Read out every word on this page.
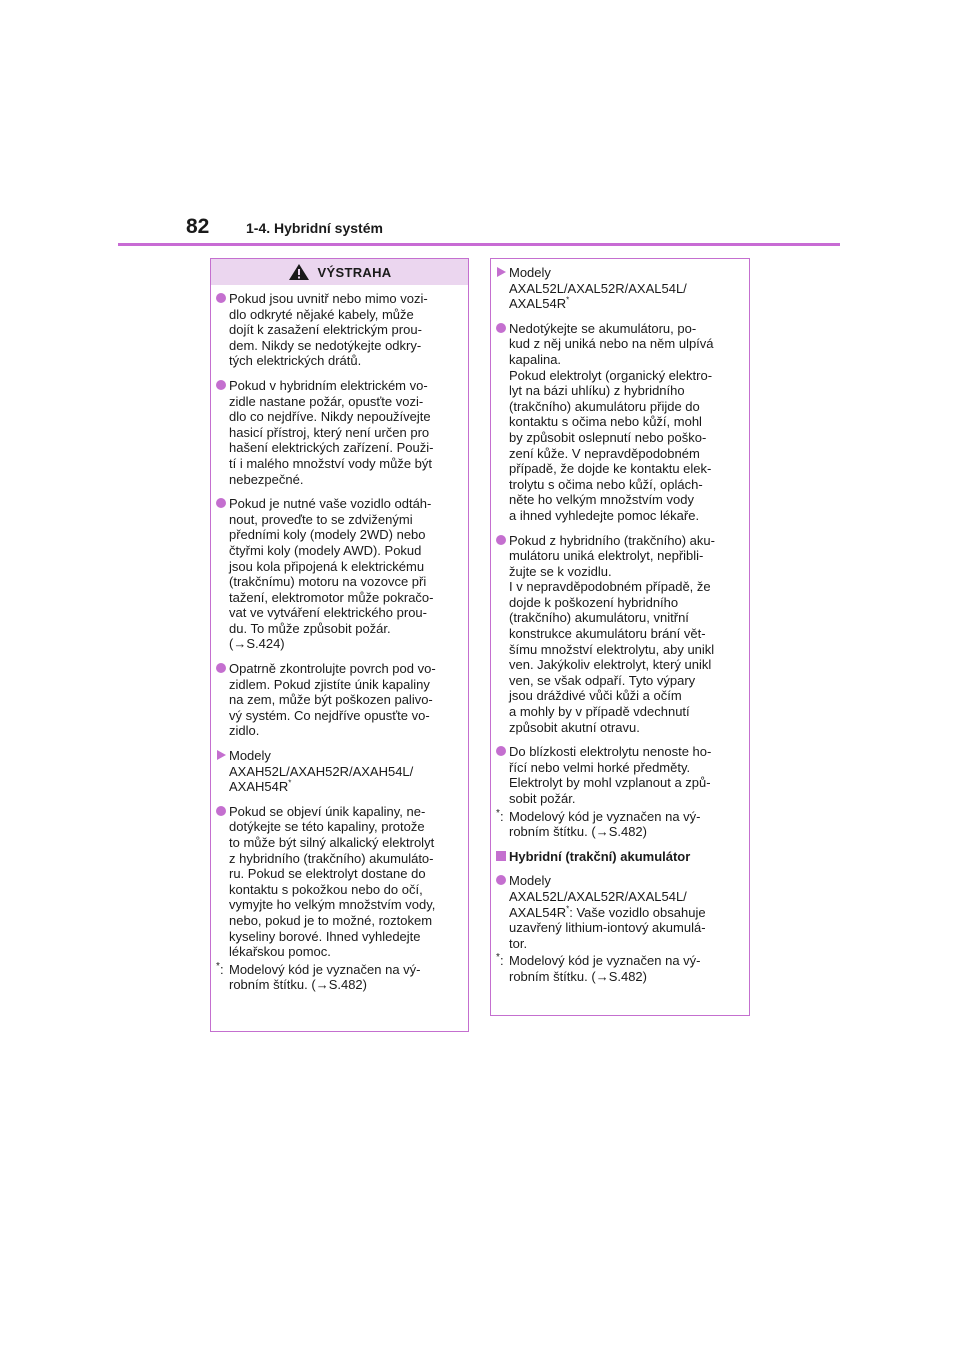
82	1-4. Hybridní systém
VÝSTRAHA
Pokud jsou uvnitř nebo mimo vozi-
dlo odkryté nějaké kabely, může
dojít k zasažení elektrickým prou-
dem. Nikdy se nedotýkejte odkry-
tých elektrických drátů.
Pokud v hybridním elektrickém vo-
zidle nastane požár, opusťte vozi-
dlo co nejdříve. Nikdy nepoužívejte
hasicí přístroj, který není určen pro
hašení elektrických zařízení. Použi-
tí i malého množství vody může být
nebezpečné.
Pokud je nutné vaše vozidlo odtáh-
nout, proveďte to se zdviženými
předními koly (modely 2WD) nebo
čtyřmi koly (modely AWD). Pokud
jsou kola připojená k elektrickému
(trakčnímu) motoru na vozovce při
tažení, elektromotor může pokračo-
vat ve vytváření elektrického prou-
du. To může způsobit požár.
(→S.424)
Opatrně zkontrolujte povrch pod vo-
zidlem. Pokud zjistíte únik kapaliny
na zem, může být poškozen palivo-
vý systém. Co nejdříve opusťte vo-
zidlo.
Modely
AXAH52L/AXAH52R/AXAH54L/
AXAH54R*
Pokud se objeví únik kapaliny, ne-
dotýkejte se této kapaliny, protože
to může být silný alkalický elektrolyt
z hybridního (trakčního) akumuláto-
ru. Pokud se elektrolyt dostane do
kontaktu s pokožkou nebo do očí,
vymyjte ho velkým množstvím vody,
nebo, pokud je to možné, roztokem
kyseliny borové. Ihned vyhledejte
lékařskou pomoc.
* : Modelový kód je vyznačen na vý-
robním štítku. (→S.482)
Modely
AXAL52L/AXAL52R/AXAL54L/
AXAL54R*
Nedotýkejte se akumulátoru, po-
kud z něj uniká nebo na něm ulpívá
kapalina.
Pokud elektrolyt (organický elektro-
lyt na bázi uhlíku) z hybridního
(trakčního) akumulátoru přijde do
kontaktu s očima nebo kůží, mohl
by způsobit oslepnutí nebo poško-
zení kůže. V nepravděpodobném
případě, že dojde ke kontaktu elek-
trolytu s očima nebo kůží, oplách-
něte ho velkým množstvím vody
a ihned vyhledejte pomoc lékaře.
Pokud z hybridního (trakčního) aku-
mulátoru uniká elektrolyt, nepřibli-
žujte se k vozidlu.
I v nepravděpodobném případě, že
dojde k poškození hybridního
(trakčního) akumulátoru, vnitřní
konstrukce akumulátoru brání vět-
šímu množství elektrolytu, aby unikl
ven. Jakýkoliv elektrolyt, který unikl
ven, se však odpaří. Tyto výpary
jsou dráždivé vůči kůži a očím
a mohly by v případě vdechnutí
způsobit akutní otravu.
Do blízkosti elektrolytu nenoste ho-
řící nebo velmi horké předměty.
Elektrolyt by mohl vzplanout a způ-
sobit požár.
* : Modelový kód je vyznačen na vý-
robním štítku. (→S.482)
Hybridní (trakční) akumulátor
Modely
AXAL52L/AXAL52R/AXAL54L/
AXAL54R*: Vaše vozidlo obsahuje
uzavřený lithium-iontový akumulá-
tor.
* : Modelový kód je vyznačen na vý-
robním štítku. (→S.482)
